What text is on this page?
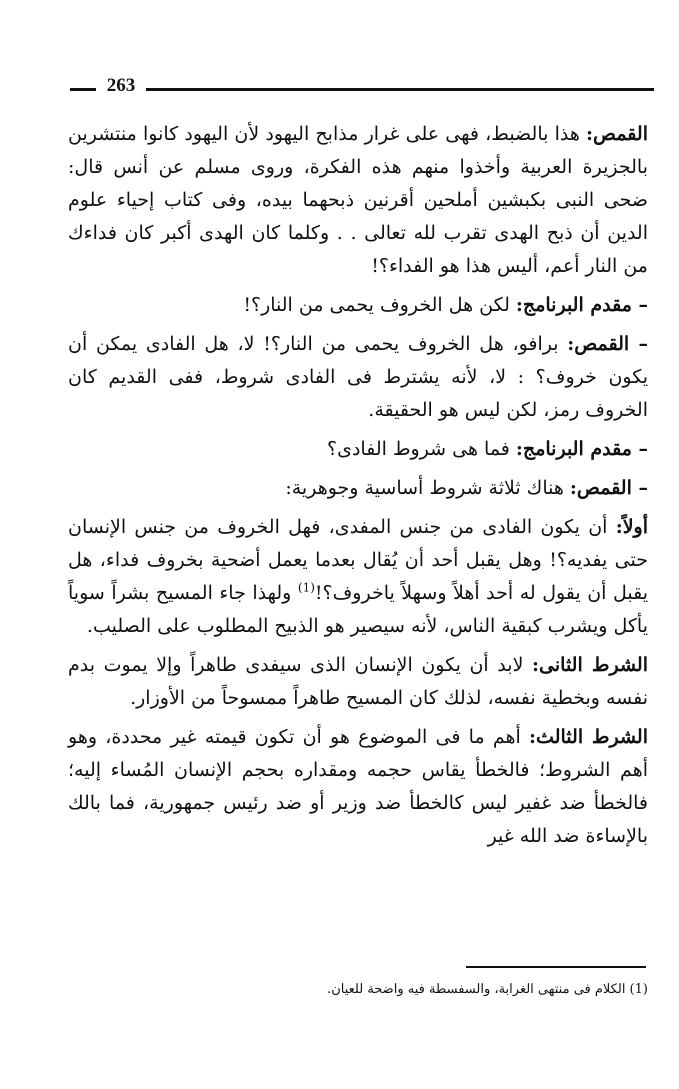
263

القمص: هذا بالضبط، فهى على غرار مذابح اليهود لأن اليهود كانوا منتشرين بالجزيرة العربية وأخذوا منهم هذه الفكرة، وروى مسلم عن أنس قال: ضحى النبى بكبشين أملحين أقرنين ذبحهما بيده، وفى كتاب إحياء علوم الدين أن ذبح الهدى تقرب لله تعالى . . وكلما كان الهدى أكبر كان فداءك من النار أعم، أليس هذا هو الفداء؟!

– مقدم البرنامج: لكن هل الخروف يحمى من النار؟!

– القمص: برافو، هل الخروف يحمى من النار؟! لا، هل الفادى يمكن أن يكون خروف؟ : لا، لأنه يشترط فى الفادى شروط، ففى القديم كان الخروف رمز، لكن ليس هو الحقيقة.

– مقدم البرنامج: فما هى شروط الفادى؟

– القمص: هناك ثلاثة شروط أساسية وجوهرية:

أولاً: أن يكون الفادى من جنس المفدى، فهل الخروف من جنس الإنسان حتى يفديه؟! وهل يقبل أحد أن يُقال بعدما يعمل أضحية بخروف فداء، هل يقبل أن يقول له أحد أهلاً وسهلاً ياخروف؟!$^{(1)}$ ولهذا جاء المسيح بشراً سوياً يأكل ويشرب كبقية الناس، لأنه سيصير هو الذبيح المطلوب على الصليب.

الشرط الثانى: لابد أن يكون الإنسان الذى سيفدى طاهراً وإلا يموت بدم نفسه وبخطية نفسه، لذلك كان المسيح طاهراً ممسوحاً من الأوزار.

الشرط الثالث: أهم ما فى الموضوع هو أن تكون قيمته غير محددة، وهو أهم الشروط؛ فالخطأ يقاس حجمه ومقداره بحجم الإنسان المُساء إليه؛ فالخطأ ضد غفير ليس كالخطأ ضد وزير أو ضد رئيس جمهورية، فما بالك بالإساءة ضد الله غير

(1) الكلام فى منتهى الغرابة، والسفسطة فيه واضحة للعيان.
